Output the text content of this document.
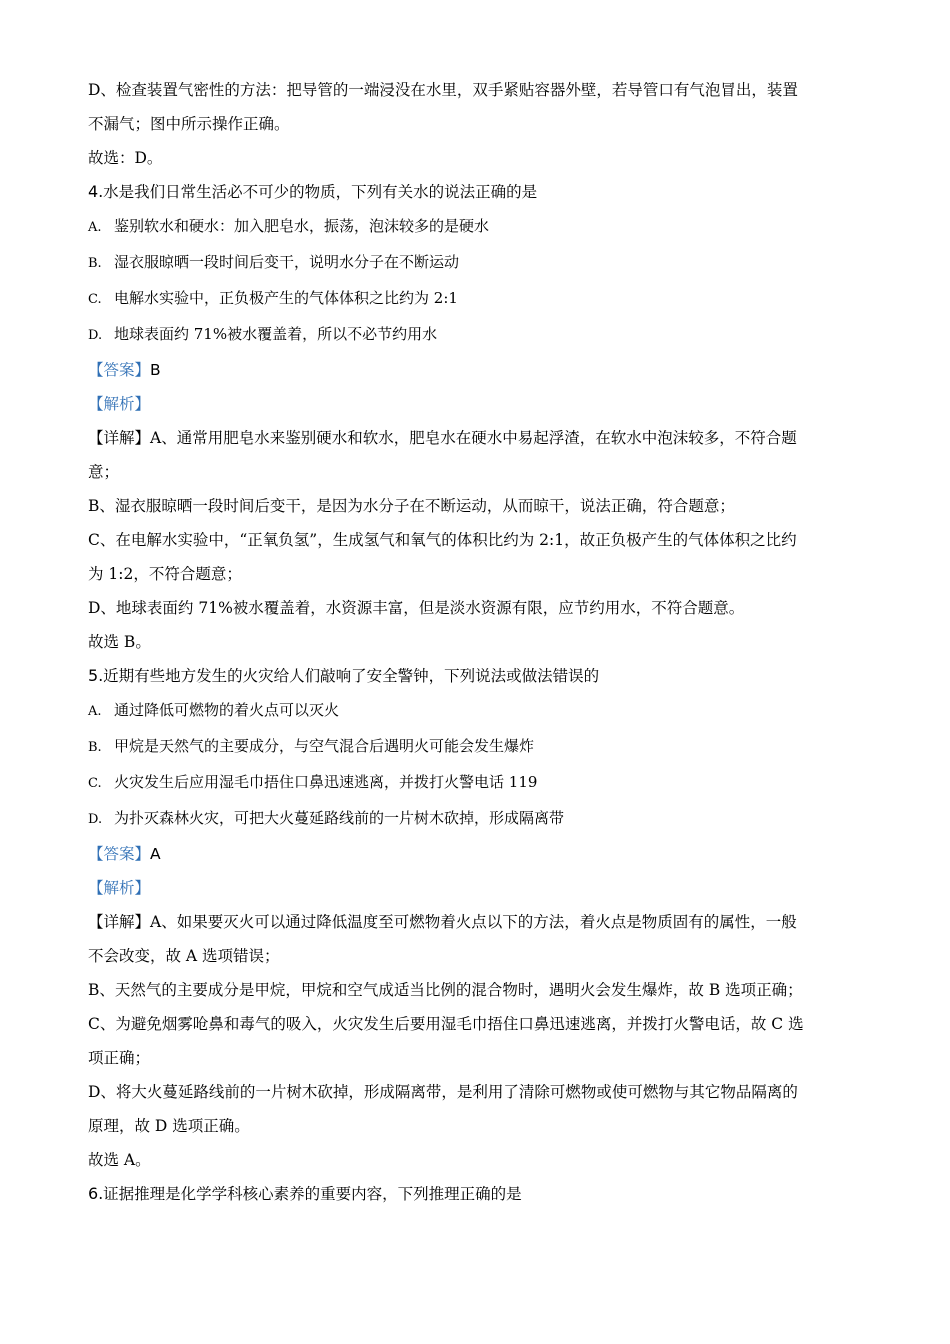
D、检查装置气密性的方法：把导管的一端浸没在水里，双手紧贴容器外壁，若导管口有气泡冒出，装置

不漏气；图中所示操作正确。

故选：D。

4.水是我们日常生活必不可少的物质，下列有关水的说法正确的是

A. 鉴别软水和硬水：加入肥皂水，振荡，泡沫较多的是硬水
B. 湿衣服晾晒一段时间后变干，说明水分子在不断运动
C. 电解水实验中，正负极产生的气体体积之比约为 2:1
D. 地球表面约 71%被水覆盖着，所以不必节约用水

【答案】B

【解析】

【详解】A、通常用肥皂水来鉴别硬水和软水，肥皂水在硬水中易起浮渣，在软水中泡沫较多，不符合题

意；

B、湿衣服晾晒一段时间后变干，是因为水分子在不断运动，从而晾干，说法正确，符合题意；

C、在电解水实验中，“正氧负氢”，生成氢气和氧气的体积比约为 2:1，故正负极产生的气体体积之比约

为 1:2，不符合题意；

D、地球表面约 71%被水覆盖着，水资源丰富，但是淡水资源有限，应节约用水，不符合题意。

故选 B。

5.近期有些地方发生的火灾给人们敲响了安全警钟，下列说法或做法错误的

A. 通过降低可燃物的着火点可以灭火
B. 甲烷是天然气的主要成分，与空气混合后遇明火可能会发生爆炸
C. 火灾发生后应用湿毛巾捂住口鼻迅速逃离，并拨打火警电话 119
D. 为扑灭森林火灾，可把大火蔓延路线前的一片树木砍掉，形成隔离带

【答案】A

【解析】

【详解】A、如果要灭火可以通过降低温度至可燃物着火点以下的方法，着火点是物质固有的属性，一般

不会改变，故 A 选项错误；

B、天然气的主要成分是甲烷，甲烷和空气成适当比例的混合物时，遇明火会发生爆炸，故 B 选项正确；

C、为避免烟雾呛鼻和毒气的吸入，火灾发生后要用湿毛巾捂住口鼻迅速逃离，并拨打火警电话，故 C 选

项正确；

D、将大火蔓延路线前的一片树木砍掉，形成隔离带，是利用了清除可燃物或使可燃物与其它物品隔离的

原理，故 D 选项正确。

故选 A。

6.证据推理是化学学科核心素养的重要内容，下列推理正确的是
